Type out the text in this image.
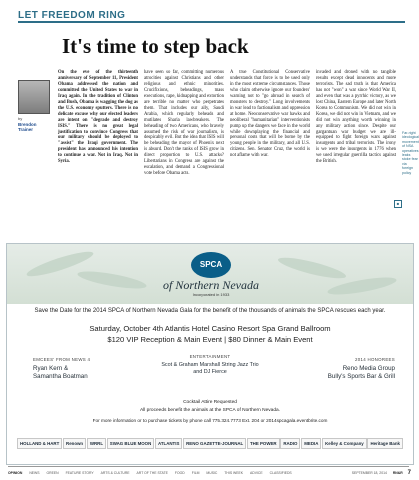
LET FREEDOM RING
It's time to step back
by
Brendon Trainer

On the eve of the thirteenth anniversary of September 11, President Obama addressed the nation and committed the United States to war in Iraq again. In the tradition of Clinton and Bush, Obama is wagging the dog as the U.S. economy sputters. There is no delicate excuse why our elected leaders are intent on "degrade and destroy ISIS." There is no great legal justification to convince Congress that our military should be deployed to "assist" the Iraqi government. The president has announced his intention to continue a war. Not in Iraq. Not in Syria.

have seen so far, committing numerous atrocities against Christians and other religious and ethnic minorities. Crucifixions, beheadings, mass executions, rape, kidnapping and extortion are terrible no matter who perpetrates them. That includes our ally, Saudi Arabia, which regularly beheads and mutilates Sharia lawbreakers. The beheading of two Americans, who bravely assumed the risk of war journalism, is despicably evil. But the idea that ISIS will be beheading the mayor of Phoenix next is absurd. Don't the ranks of ISIS grow in direct proportion to U.S. attacks? Libertarians in Congress are against the escalation, and demand a Congressional vote before Obama acts.

A true Constitutional Conservative understands that force is to be used only in the most extreme circumstances. Those who claim otherwise ignore our founders' warning not to "go abroad in search of monsters to destroy." Long involvements in war lead to factionalism and oppression at home. Neoconservative war hawks and neoliberal "humanitarian" interventionists pump up the dangers we face in the world while downplaying the financial and personal costs that will be borne by the young people in the military, and all U.S. citizens. Sen. Senator Cruz, the world is not aflame with war.

invaded and droned with no tangible results except dead innocents and more terrorists. The sad truth is that America has not "won" a war since World War II, and even that was a pyrrhic victory, as we lost China, Eastern Europe and later North Korea to Communism. We did not win in Korea, we did not win in Vietnam, and we did not win anything worth winning in any military action since. Despite our gargantuan war budget we are ill-equipped to fight foreign wars against insurgents and tribal terrorists. The irony is we were the insurgents in 1776 when we used irregular guerrilla tactics against the British.

Far-right ideological movement of NSA operatives leaks stoke fear via foreign policy
■
SPCA
of Northern Nevada
Incorporated in 1933
Save the Date for the 2014 SPCA of Northern Nevada Gala for the benefit of the thousands of animals the SPCA rescues each year.
Saturday, October 4th Atlantis Hotel Casino Resort Spa Grand Ballroom
$120 VIP Reception & Main Event | $80 Dinner & Main Event
EMCEES' FROM NEWS 4
Ryan Kern &
Samantha Boatman
ENTERTAINMENT
Scot & Graham Marshall String Jazz Trio
and DJ Fierce
2014 HONOREES
Reno Media Group
Bully's Sports Bar & Grill
Cocktail Attire Requested
All proceeds benefit the animals at the SPCA of Northern Nevada.
For more information or to purchase tickets by phone call 775.324.7773 Ext. 204 or 2014spcagala.eventbrite.com
HOLLAND & HART	Renown	WRRL	SWAG BLUE MOON	ATLANTIS	RENO GAZETTE-JOURNAL	THE POWER	RADIO	MEDIA	Kelley & Company	Heritage Bank
OPINION NEWS GREEN FEATURE STORY ARTS & CULTURE ART OF THE STATE FOOD FILM MUSIC THIS WEEK ADVICE CLASSIFIEDS	SEPTEMBER 18, 2014 RN&R 7
